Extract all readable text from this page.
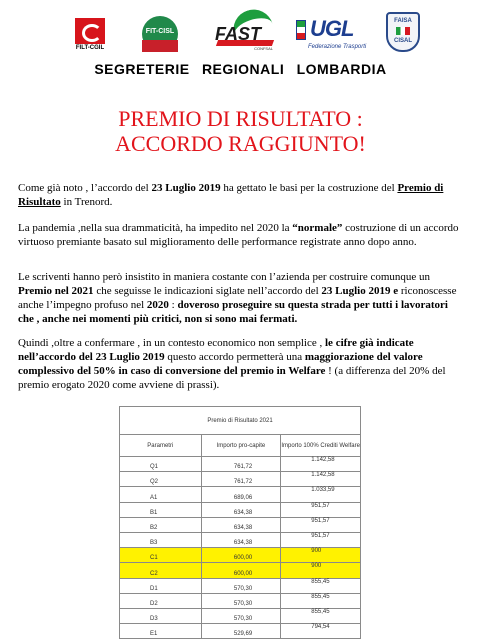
FILT-CGIL
FIT-CISL	FAST
CONFSAL
UGL
Federazione Trasporti
FAISA
CISAL
SEGRETERIE REGIONALI LOMBARDIA
PREMIO DI RISULTATO :
ACCORDO RAGGIUNTO!
Come già noto , l’accordo del 23 Luglio 2019 ha gettato le basi per la costruzione del Premio di Risultato in Trenord.
La pandemia ,nella sua drammaticità, ha impedito nel 2020 la “normale” costruzione di un accordo virtuoso premiante basato sul miglioramento delle performance registrate anno dopo anno.
Le scriventi hanno però insistito in maniera costante con l’azienda per costruire comunque un Premio nel 2021 che seguisse le indicazioni siglate nell’accordo del 23 Luglio 2019 e riconoscesse anche l’impegno profuso nel 2020 : doveroso proseguire su questa strada per tutti i lavoratori che , anche nei momenti più critici, non si sono mai fermati.
Quindi ,oltre a confermare , in un contesto economico non semplice , le cifre già indicate nell’accordo del 23 Luglio 2019 questo accordo permetterà una maggiorazione del valore complessivo del 50% in caso di conversione del premio in Welfare ! (a differenza del 20% del premio erogato 2020 come avviene di prassi).
Premio di Risultato 2021		
Parametri	Importo pro-capite	Importo 100% Crediti Welfare
Q1	761,72	1.142,58
Q2	761,72	1.142,58
A1	689,06	1.033,59
B1	634,38	951,57
B2	634,38	951,57
B3	634,38	951,57
C1	600,00	900
C2	600,00	900
D1	570,30	855,45
D2	570,30	855,45
D3	570,30	855,45
E1	529,69	794,54
